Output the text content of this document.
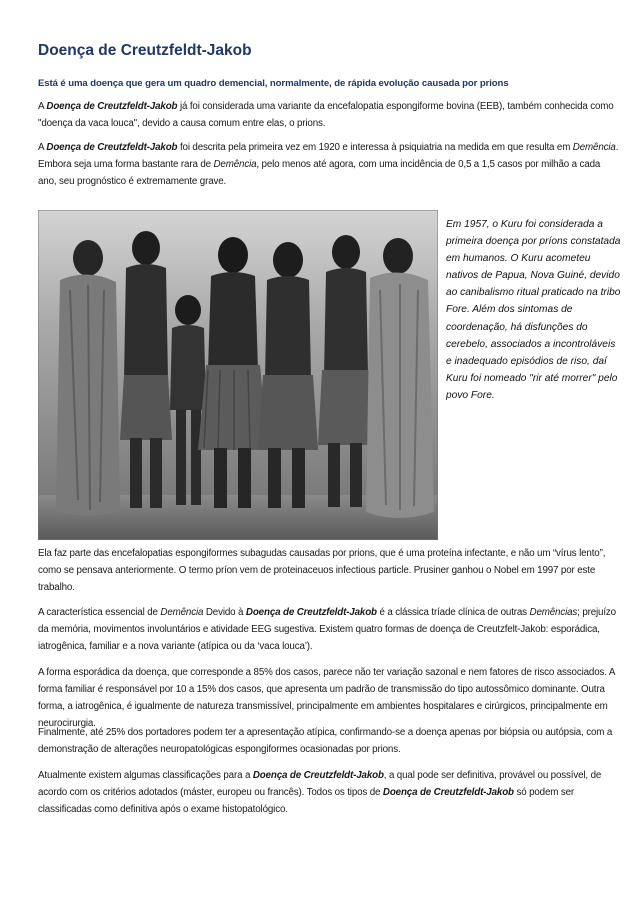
Doença de Creutzfeldt-Jakob

Está é uma doença que gera um quadro demencial, normalmente, de rápida evolução causada por prions

A Doença de Creutzfeldt-Jakob já foi considerada uma variante da encefalopatia espongiforme bovina (EEB), também conhecida como "doença da vaca louca", devido a causa comum entre elas, o prions.

A Doença de Creutzfeldt-Jakob foi descrita pela primeira vez em 1920 e interessa à psiquiatria na medida em que resulta em Demência. Embora seja uma forma bastante rara de Demência, pelo menos até agora, com uma incidência de 0,5 a 1,5 casos por milhão a cada ano, seu prognóstico é extremamente grave.

Em 1957, o Kuru foi considerada a primeira doença por príons constatada em humanos. O Kuru acometeu nativos de Papua, Nova Guiné, devido ao canibalismo ritual praticado na tribo Fore. Além dos sintomas de coordenação, há disfunções do cerebelo, associados a incontroláveis e inadequado episódios de riso, daí Kuru foi nomeado "rir até morrer" pelo povo Fore.

Ela faz parte das encefalopatias espongiformes subagudas causadas por prions, que é uma proteína infectante, e não um “vírus lento”, como se pensava anteriormente. O termo príon vem de proteinaceuos infectious particle. Prusiner ganhou o Nobel em 1997 por este trabalho.

A característica essencial de Demência Devido à Doença de Creutzfeldt-Jakob é a clássica tríade clínica de outras Demências; prejuízo da memória, movimentos involuntários e atividade EEG sugestiva. Existem quatro formas de doença de Creutzfelt-Jakob: esporádica, iatrogênica, familiar e a nova variante (atípica ou da ‘vaca louca’).

A forma esporádica da doença, que corresponde a 85% dos casos, parece não ter variação sazonal e nem fatores de risco associados. A forma familiar é responsável por 10 a 15% dos casos, que apresenta um padrão de transmissão do tipo autossômico dominante. Outra forma, a iatrogênica, é igualmente de natureza transmissível, principalmente em ambientes hospitalares e cirúrgicos, principalmente em neurocirurgia.

Finalmente, até 25% dos portadores podem ter a apresentação atípica, confirmando-se a doença apenas por biópsia ou autópsia, com a demonstração de alterações neuropatológicas espongiformes ocasionadas por prions.

Atualmente existem algumas classificações para a Doença de Creutzfeldt-Jakob, a qual pode ser definitiva, provável ou possível, de acordo com os critérios adotados (máster, europeu ou francês). Todos os tipos de Doença de Creutzfeldt-Jakob só podem ser classificadas como definitiva após o exame histopatológico.
